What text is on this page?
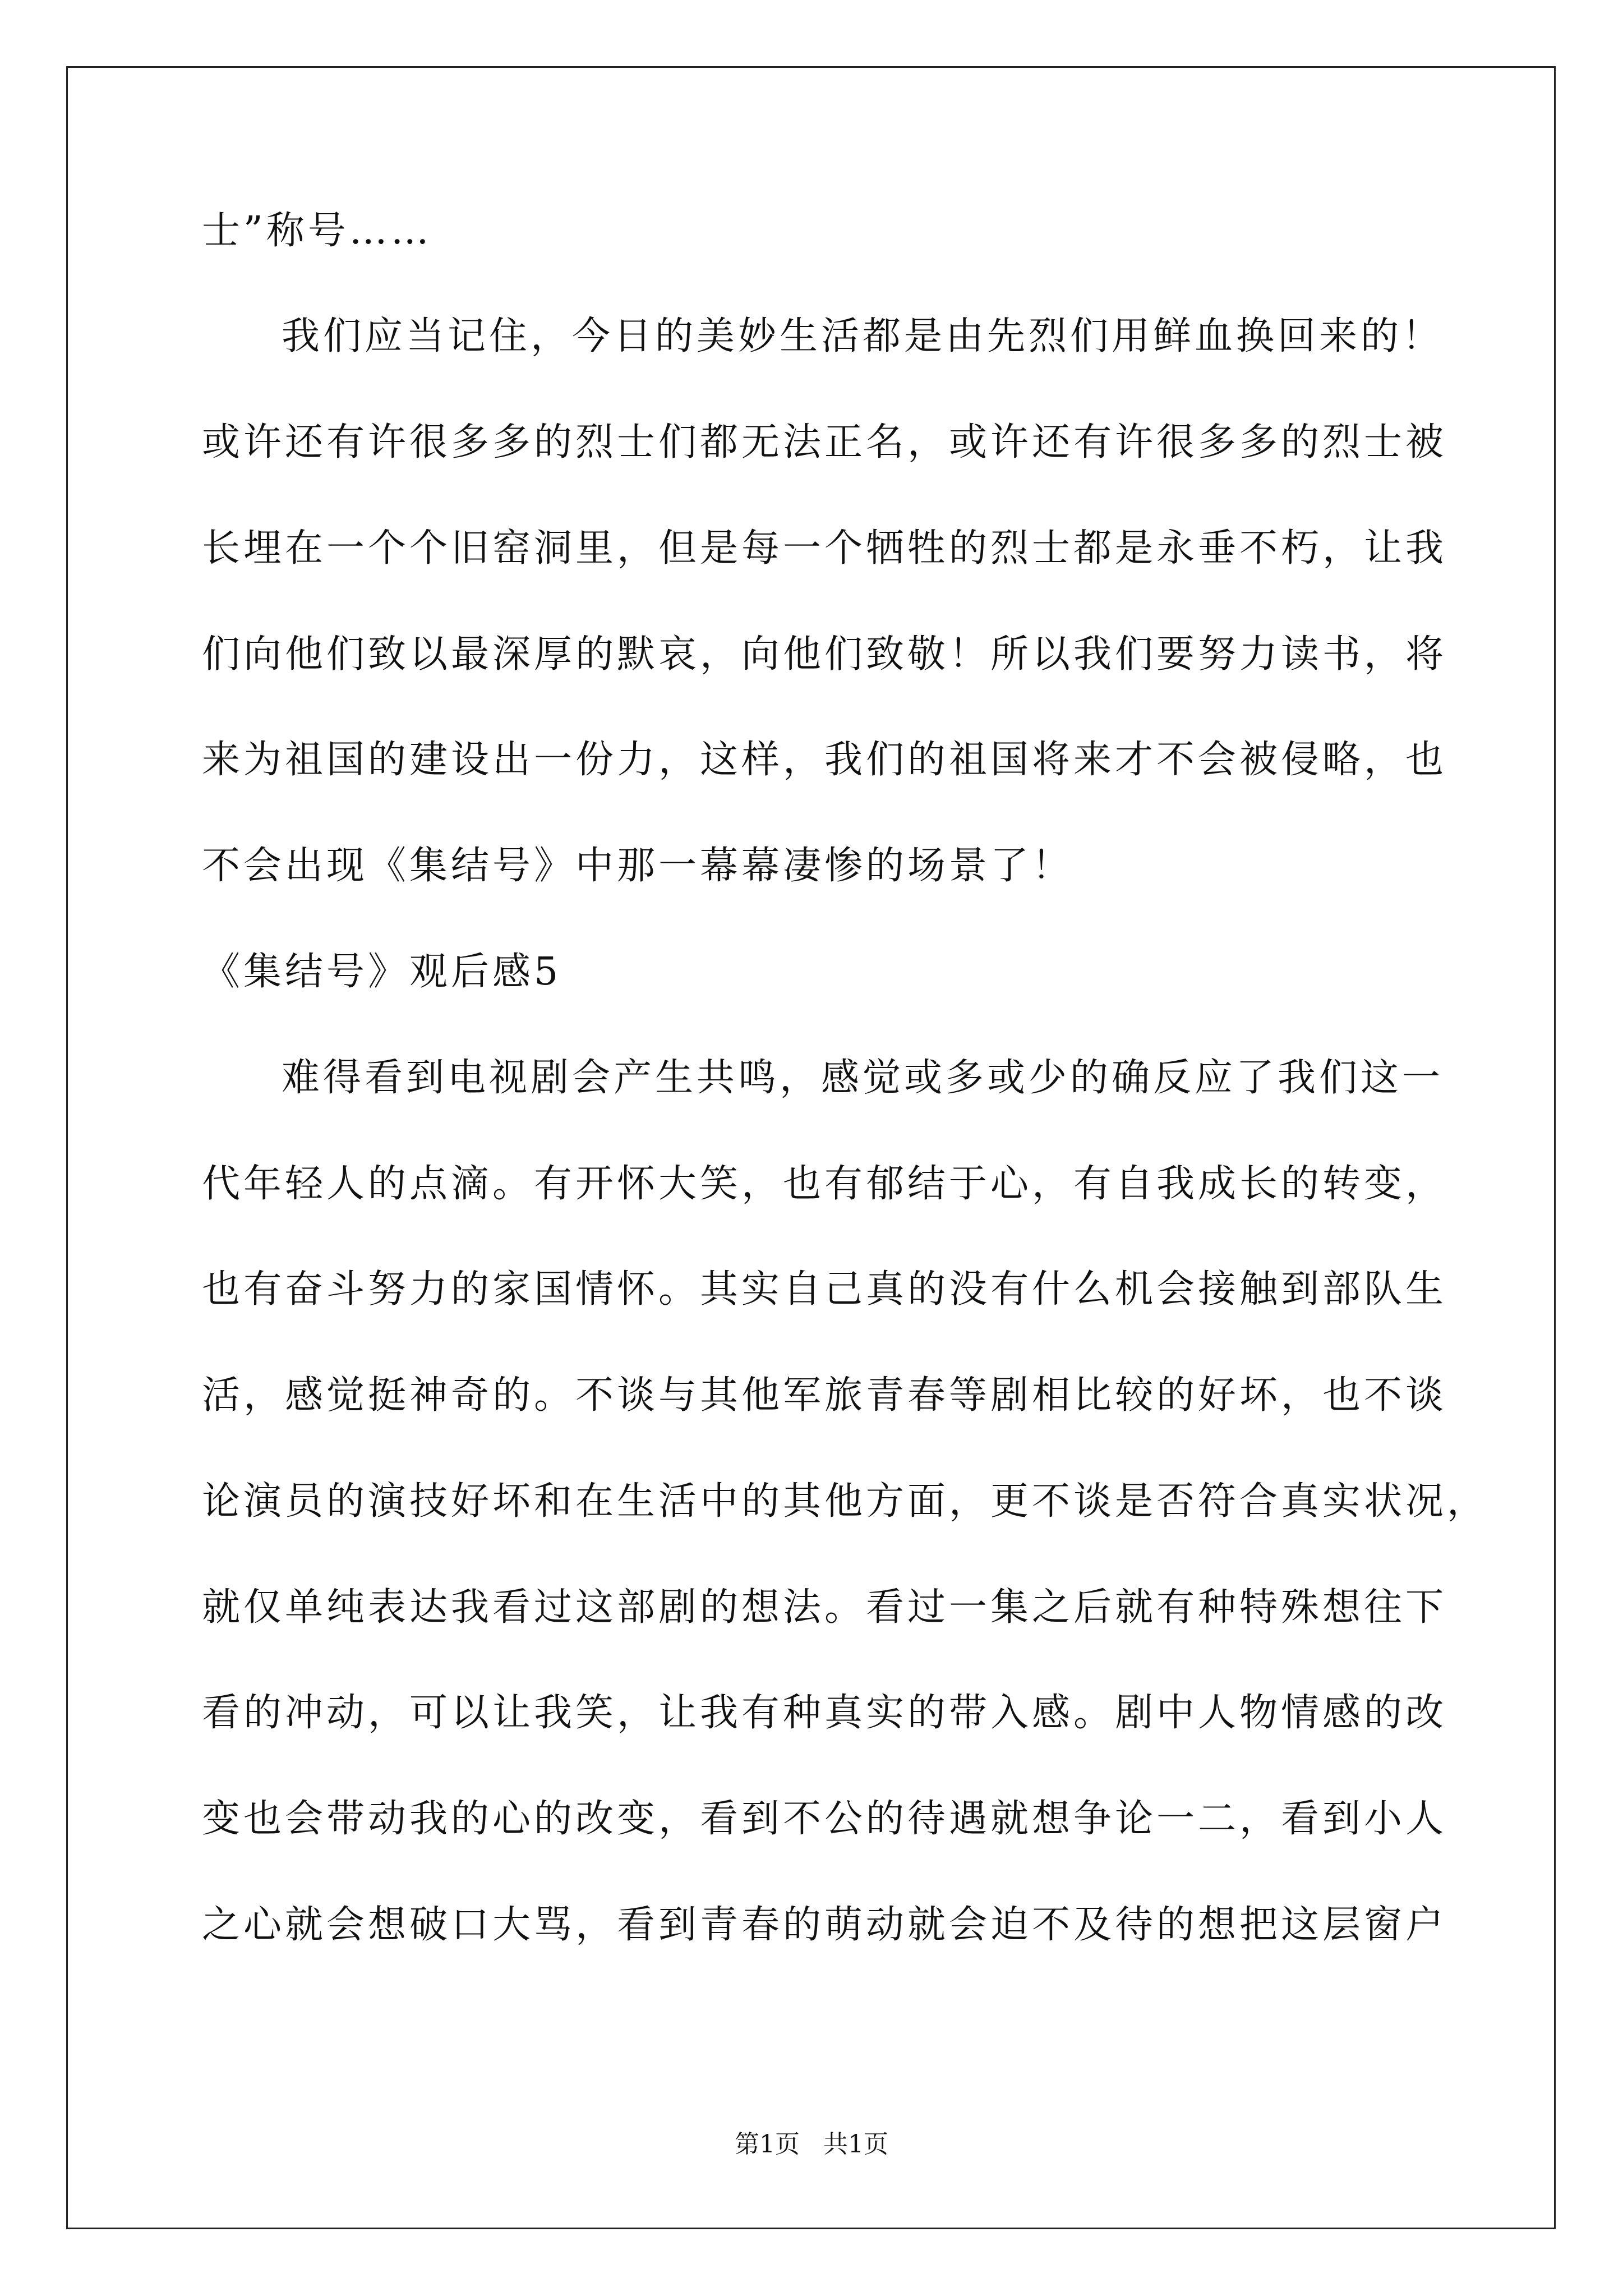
士”称号……
我们应当记住，今日的美妙生活都是由先烈们用鲜血换回来的！
或许还有许很多多的烈士们都无法正名，或许还有许很多多的烈士被
长埋在一个个旧窑洞里，但是每一个牺牲的烈士都是永垂不朽，让我
们向他们致以最深厚的默哀，向他们致敬！所以我们要努力读书，将
来为祖国的建设出一份力，这样，我们的祖国将来才不会被侵略，也
不会出现《集结号》中那一幕幕凄惨的场景了！
《集结号》观后感5
难得看到电视剧会产生共鸣，感觉或多或少的确反应了我们这一
代年轻人的点滴。有开怀大笑，也有郁结于心，有自我成长的转变，
也有奋斗努力的家国情怀。其实自己真的没有什么机会接触到部队生
活，感觉挺神奇的。不谈与其他军旅青春等剧相比较的好坏，也不谈
论演员的演技好坏和在生活中的其他方面，更不谈是否符合真实状况，
就仅单纯表达我看过这部剧的想法。看过一集之后就有种特殊想往下
看的冲动，可以让我笑，让我有种真实的带入感。剧中人物情感的改
变也会带动我的心的改变，看到不公的待遇就想争论一二，看到小人
之心就会想破口大骂，看到青春的萌动就会迫不及待的想把这层窗户
第1页 共1页
